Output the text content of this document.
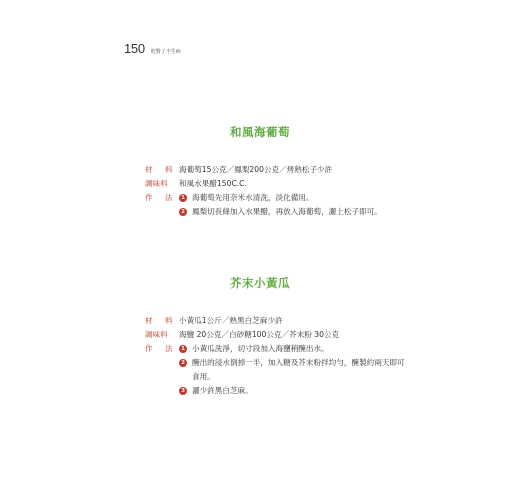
150 吃對了不生病
和風海葡萄
材 料 海葡萄15公克／鳳梨200公克／烤熟松子少許
調味料	和風水果醋150C.C.
作 法 1 海葡萄先用奈米水清洗，淡化備用。
2 鳳梨切長條加入水果醋，再放入海葡萄，灑上松子即可。
芥末小黃瓜
材 料 小黃瓜1公斤／熟黑白芝麻少許
調味料	海鹽 20公克／白砂糖100公克／芥末粉 30公克
作 法 1 小黃瓜洗淨，切寸段加入海鹽稍醃出水。
2 醃出的浸水倒掉一半，加入糖及芥末粉拌均勻，醃製約兩天即可食用。
3 灑少許黑白芝麻。
